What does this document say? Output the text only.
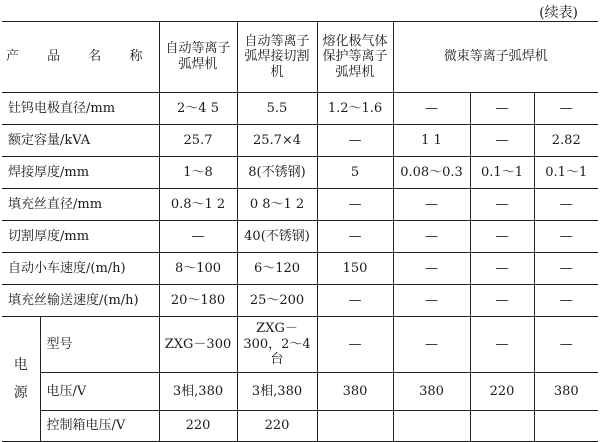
(续表)
产 品 名 称		自动等离子弧焊机	自动等离子弧焊接切割机	熔化极气体保护等离子弧焊机	微束等离子弧焊机		
钍钨电极直径/mm		2～4 5	5.5	1.2～1.6	—	—	—
额定容量/kVA		25.7	25.7×4	—	1 1	—	2.82
焊接厚度/mm		1～8	8(不锈钢)	5	0.08～0.3	0.1～1	0.1～1
填充丝直径/mm		0.8～1 2	0 8～1 2	—	—	—	—
切割厚度/mm		—	40(不锈钢)	—	—	—	—
自动小车速度/(m/h)		8～100	6～120	150	—	—	—
填充丝输送速度/(m/h)		20～180	25～200	—	—	—	—

电
源	型号	ZXG－300	ZXG－300，2～4台	—	—	—	—
	电压/V	3相,380	3相,380	380	380	220	380
	控制箱电压/V	220	220				
